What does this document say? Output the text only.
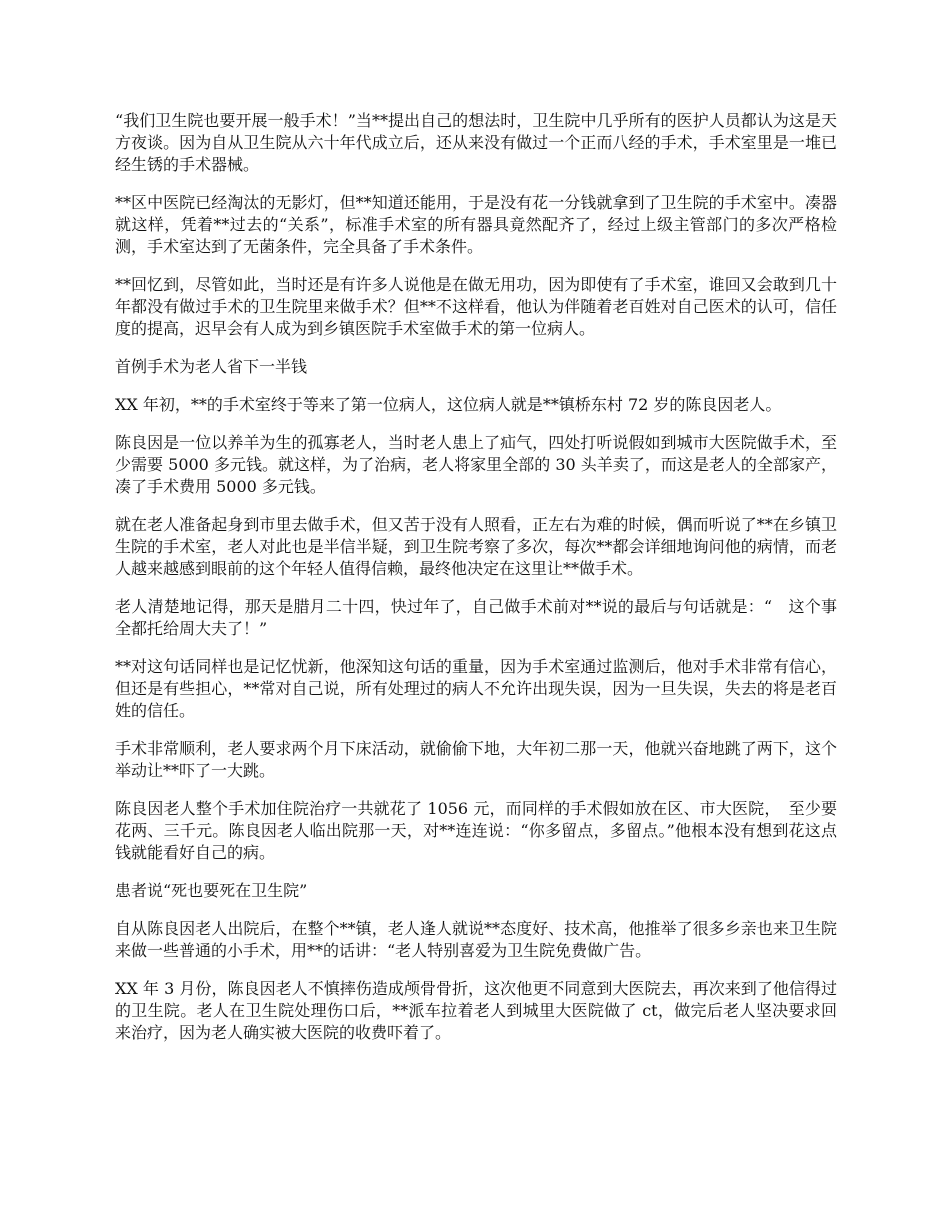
“我们卫生院也要开展一般手术！”当**提出自己的想法时，卫生院中几乎所有的医护人员都认为这是天方夜谈。因为自从卫生院从六十年代成立后，还从来没有做过一个正而八经的手术，手术室里是一堆已经生锈的手术器械。

**区中医院已经淘汰的无影灯，但**知道还能用，于是没有花一分钱就拿到了卫生院的手术室中。凑器就这样，凭着**过去的“关系”，标准手术室的所有器具竟然配齐了，经过上级主管部门的多次严格检测，手术室达到了无菌条件，完全具备了手术条件。

**回忆到，尽管如此，当时还是有许多人说他是在做无用功，因为即使有了手术室，谁回又会敢到几十年都没有做过手术的卫生院里来做手术？但**不这样看，他认为伴随着老百姓对自己医术的认可，信任度的提高，迟早会有人成为到乡镇医院手术室做手术的第一位病人。

首例手术为老人省下一半钱

XX 年初，**的手术室终于等来了第一位病人，这位病人就是**镇桥东村 72 岁的陈良因老人。

陈良因是一位以养羊为生的孤寡老人，当时老人患上了疝气，四处打听说假如到城市大医院做手术，至少需要 5000 多元钱。就这样，为了治病，老人将家里全部的 30 头羊卖了，而这是老人的全部家产，凑了手术费用 5000 多元钱。

就在老人准备起身到市里去做手术，但又苦于没有人照看，正左右为难的时候，偶而听说了**在乡镇卫生院的手术室，老人对此也是半信半疑，到卫生院考察了多次，每次**都会详细地询问他的病情，而老人越来越感到眼前的这个年轻人值得信赖，最终他决定在这里让**做手术。

老人清楚地记得，那天是腊月二十四，快过年了，自己做手术前对**说的最后与句话就是：“　这个事全都托给周大夫了！”

**对这句话同样也是记忆忧新，他深知这句话的重量，因为手术室通过监测后，他对手术非常有信心，但还是有些担心，**常对自己说，所有处理过的病人不允许出现失误，因为一旦失误，失去的将是老百姓的信任。

手术非常顺利，老人要求两个月下床活动，就偷偷下地，大年初二那一天，他就兴奋地跳了两下，这个举动让**吓了一大跳。

陈良因老人整个手术加住院治疗一共就花了 1056 元，而同样的手术假如放在区、市大医院，　至少要花两、三千元。陈良因老人临出院那一天，对**连连说：“你多留点，多留点。”他根本没有想到花这点钱就能看好自己的病。

患者说“死也要死在卫生院”

自从陈良因老人出院后，在整个**镇，老人逢人就说**态度好、技术高，他推举了很多乡亲也来卫生院来做一些普通的小手术，用**的话讲：“老人特别喜爱为卫生院免费做广告。

XX 年 3 月份，陈良因老人不慎摔伤造成颅骨骨折，这次他更不同意到大医院去，再次来到了他信得过的卫生院。老人在卫生院处理伤口后，**派车拉着老人到城里大医院做了 ct，做完后老人坚决要求回来治疗，因为老人确实被大医院的收费吓着了。
